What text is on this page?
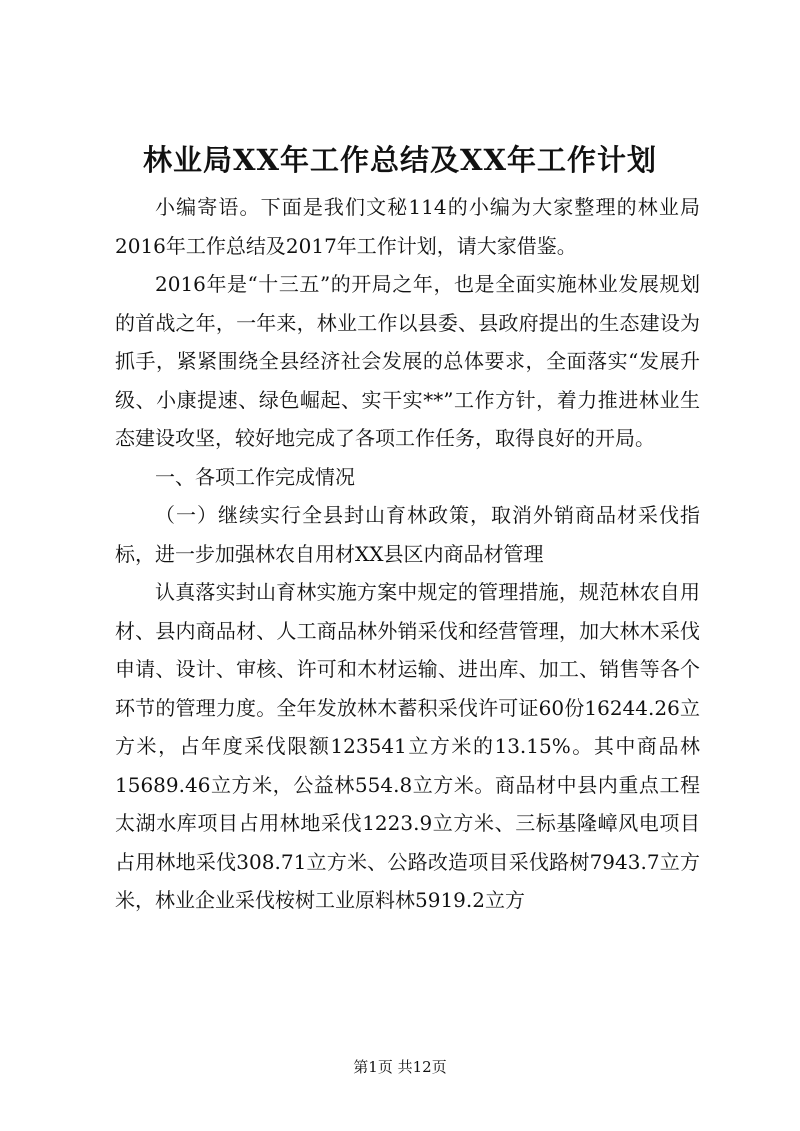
林业局XX年工作总结及XX年工作计划

小编寄语。下面是我们文秘114的小编为大家整理的林业局2016年工作总结及2017年工作计划，请大家借鉴。

2016年是“十三五”的开局之年，也是全面实施林业发展规划的首战之年，一年来，林业工作以县委、县政府提出的生态建设为抓手，紧紧围绕全县经济社会发展的总体要求，全面落实“发展升级、小康提速、绿色崛起、实干实**”工作方针，着力推进林业生态建设攻坚，较好地完成了各项工作任务，取得良好的开局。

一、各项工作完成情况

（一）继续实行全县封山育林政策，取消外销商品材采伐指标，进一步加强林农自用材XX县区内商品材管理

认真落实封山育林实施方案中规定的管理措施，规范林农自用材、县内商品材、人工商品林外销采伐和经营管理，加大林木采伐申请、设计、审核、许可和木材运输、进出库、加工、销售等各个环节的管理力度。全年发放林木蓄积采伐许可证60份16244.26立方米，占年度采伐限额123541立方米的13.15%。其中商品林15689.46立方米，公益林554.8立方米。商品材中县内重点工程太湖水库项目占用林地采伐1223.9立方米、三标基隆嶂风电项目占用林地采伐308.71立方米、公路改造项目采伐路树7943.7立方米，林业企业采伐桉树工业原料林5919.2立方

第1页 共12页
